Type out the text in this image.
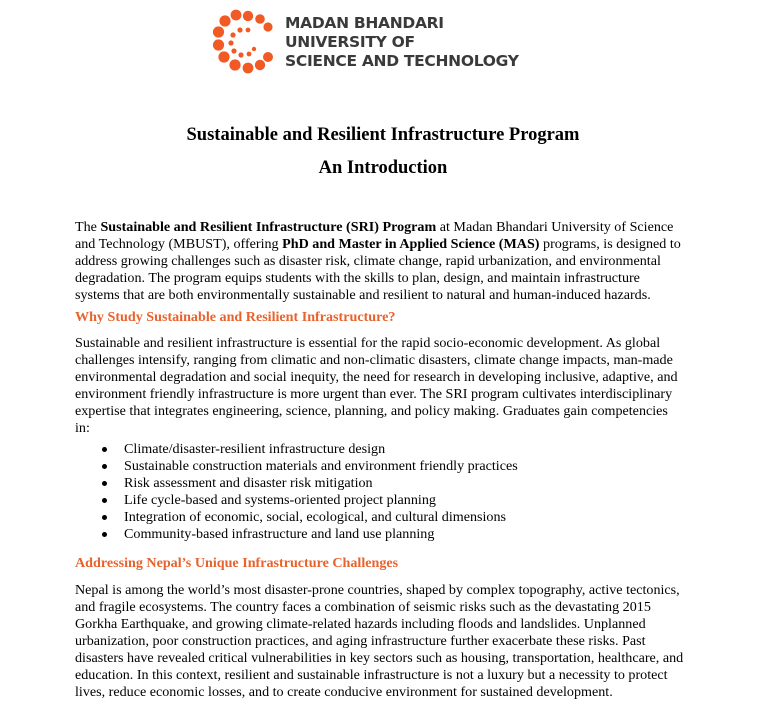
MADAN BHANDARI
UNIVERSITY OF
SCIENCE AND TECHNOLOGY
Sustainable and Resilient Infrastructure Program
An Introduction

The Sustainable and Resilient Infrastructure (SRI) Program at Madan Bhandari University of Science and Technology (MBUST), offering PhD and Master in Applied Science (MAS) programs, is designed to address growing challenges such as disaster risk, climate change, rapid urbanization, and environmental degradation. The program equips students with the skills to plan, design, and maintain infrastructure systems that are both environmentally sustainable and resilient to natural and human-induced hazards.

Why Study Sustainable and Resilient Infrastructure?

Sustainable and resilient infrastructure is essential for the rapid socio-economic development. As global challenges intensify, ranging from climatic and non-climatic disasters, climate change impacts, man-made environmental degradation and social inequity, the need for research in developing inclusive, adaptive, and environment friendly infrastructure is more urgent than ever. The SRI program cultivates interdisciplinary expertise that integrates engineering, science, planning, and policy making. Graduates gain competencies in:

Climate/disaster-resilient infrastructure design
Sustainable construction materials and environment friendly practices
Risk assessment and disaster risk mitigation
Life cycle-based and systems-oriented project planning
Integration of economic, social, ecological, and cultural dimensions
Community-based infrastructure and land use planning

Addressing Nepal’s Unique Infrastructure Challenges

Nepal is among the world’s most disaster-prone countries, shaped by complex topography, active tectonics, and fragile ecosystems. The country faces a combination of seismic risks such as the devastating 2015 Gorkha Earthquake, and growing climate-related hazards including floods and landslides. Unplanned urbanization, poor construction practices, and aging infrastructure further exacerbate these risks. Past disasters have revealed critical vulnerabilities in key sectors such as housing, transportation, healthcare, and education. In this context, resilient and sustainable infrastructure is not a luxury but a necessity to protect lives, reduce economic losses, and to create conducive environment for sustained development.
